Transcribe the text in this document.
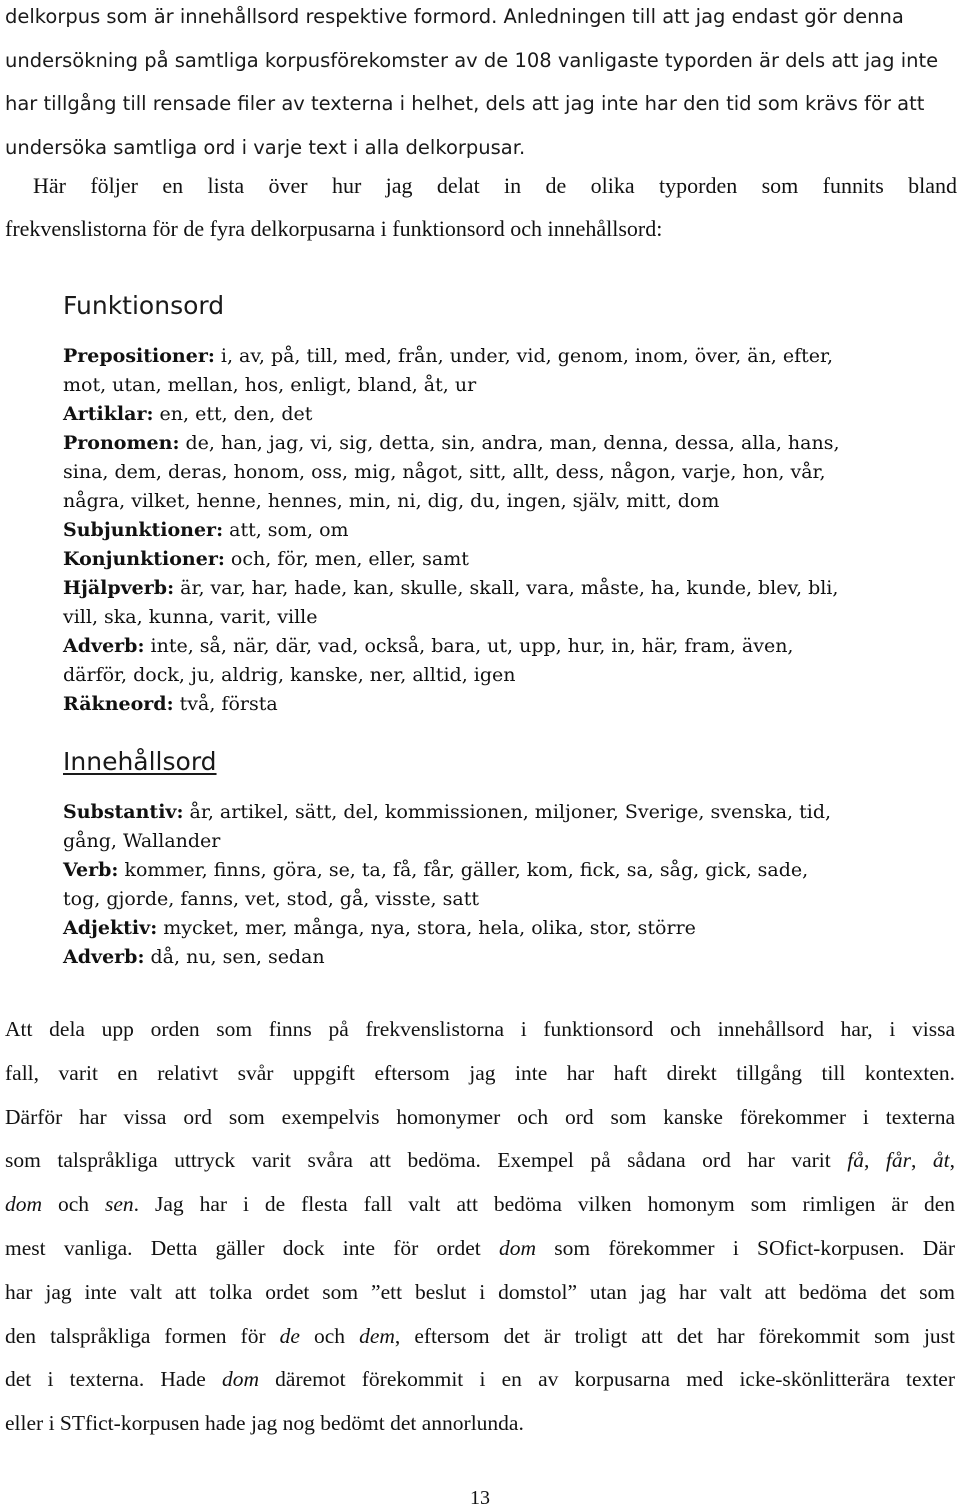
delkorpus som är innehållsord respektive formord. Anledningen till att jag endast gör denna
undersökning på samtliga korpusförekomster av de 108 vanligaste typorden är dels att jag inte
har tillgång till rensade filer av texterna i helhet, dels att jag inte har den tid som krävs för att
undersöka samtliga ord i varje text i alla delkorpusar.

Här följer en lista över hur jag delat in de olika typorden som funnits bland
frekvenslistorna för de fyra delkorpusarna i funktionsord och innehållsord:

Funktionsord

Prepositioner: i, av, på, till, med, från, under, vid, genom, inom, över, än, efter,
mot, utan, mellan, hos, enligt, bland, åt, ur

Artiklar: en, ett, den, det

Pronomen: de, han, jag, vi, sig, detta, sin, andra, man, denna, dessa, alla, hans,
sina, dem, deras, honom, oss, mig, något, sitt, allt, dess, någon, varje, hon, vår,
några, vilket, henne, hennes, min, ni, dig, du, ingen, själv, mitt, dom

Subjunktioner: att, som, om

Konjunktioner: och, för, men, eller, samt

Hjälpverb: är, var, har, hade, kan, skulle, skall, vara, måste, ha, kunde, blev, bli,
vill, ska, kunna, varit, ville

Adverb: inte, så, när, där, vad, också, bara, ut, upp, hur, in, här, fram, även,
därför, dock, ju, aldrig, kanske, ner, alltid, igen

Räkneord: två, första

Innehållsord

Substantiv: år, artikel, sätt, del, kommissionen, miljoner, Sverige, svenska, tid,
gång, Wallander

Verb: kommer, finns, göra, se, ta, få, får, gäller, kom, fick, sa, såg, gick, sade,
tog, gjorde, fanns, vet, stod, gå, visste, satt

Adjektiv: mycket, mer, många, nya, stora, hela, olika, stor, större

Adverb: då, nu, sen, sedan

Att dela upp orden som finns på frekvenslistorna i funktionsord och innehållsord har, i vissa
fall, varit en relativt svår uppgift eftersom jag inte har haft direkt tillgång till kontexten.
Därför har vissa ord som exempelvis homonymer och ord som kanske förekommer i texterna
som talspråkliga uttryck varit svåra att bedöma. Exempel på sådana ord har varit få, får, åt,
dom och sen. Jag har i de flesta fall valt att bedöma vilken homonym som rimligen är den
mest vanliga. Detta gäller dock inte för ordet dom som förekommer i SOfict-korpusen. Där
har jag inte valt att tolka ordet som ”ett beslut i domstol” utan jag har valt att bedöma det som
den talspråkliga formen för de och dem, eftersom det är troligt att det har förekommit som just
det i texterna. Hade dom däremot förekommit i en av korpusarna med icke-skönlitterära texter
eller i STfict-korpusen hade jag nog bedömt det annorlunda.

13
